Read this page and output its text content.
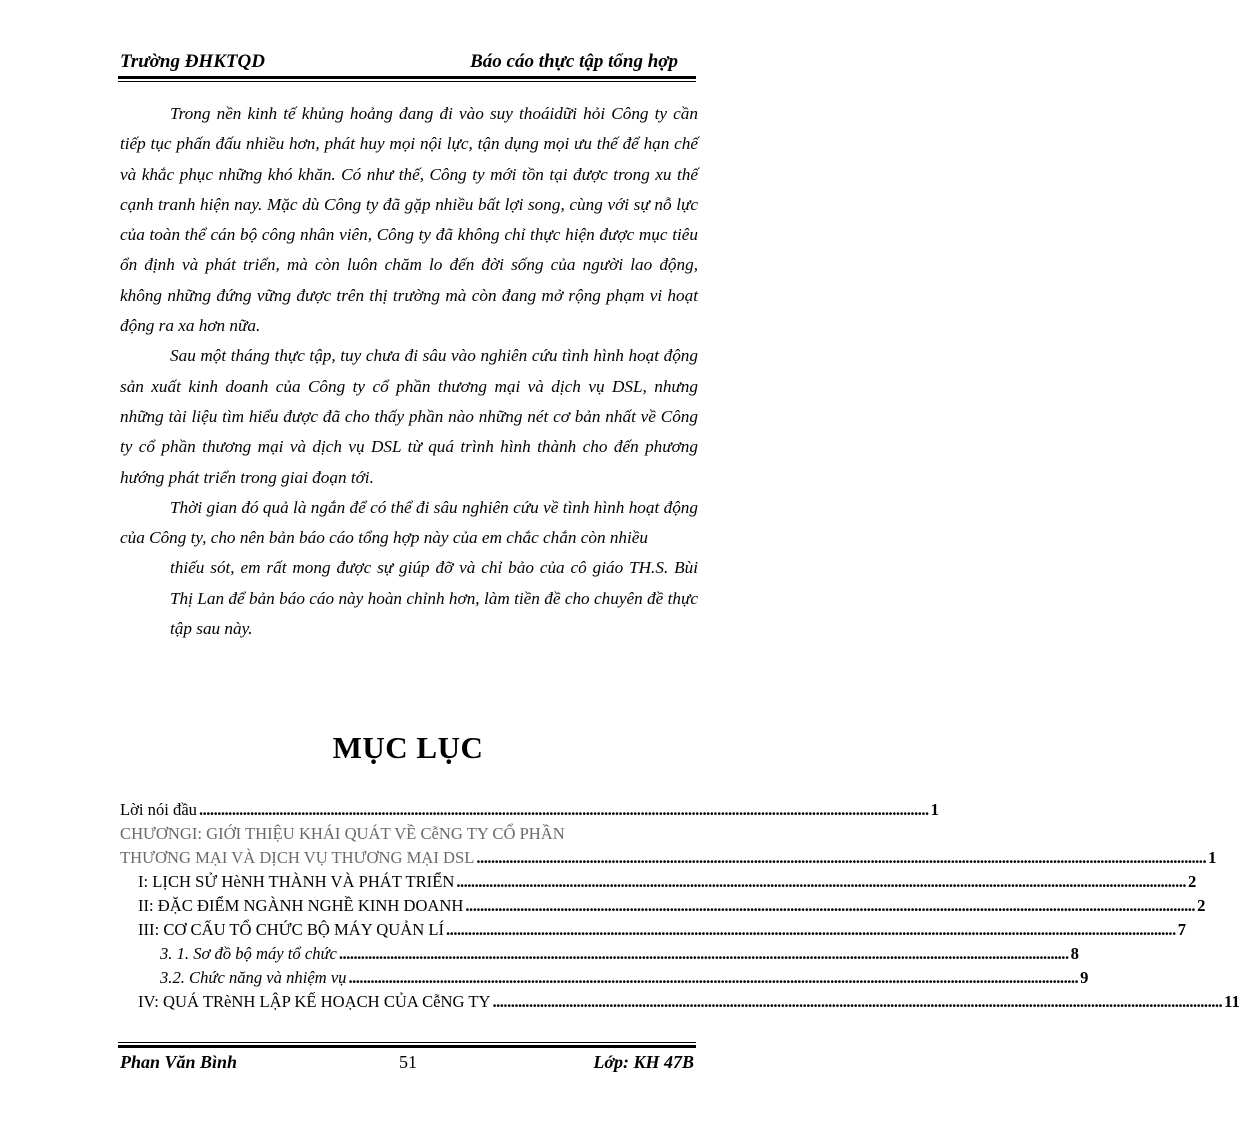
Trường ĐHKTQD	Báo cáo thực tập tổng hợp

Trong nền kinh tế khủng hoảng đang đi vào suy thoáidữi hỏi Công ty cần tiếp tục phấn đấu nhiều hơn, phát huy mọi nội lực, tận dụng mọi ưu thế để hạn chế và khắc phục những khó khăn. Có như thế, Công ty mới tồn tại được trong xu thế cạnh tranh hiện nay. Mặc dù Công ty đã gặp nhiều bất lợi song, cùng với sự nỗ lực của toàn thể cán bộ công nhân viên, Công ty đã không chỉ thực hiện được mục tiêu ổn định và phát triển, mà còn luôn chăm lo đến đời sống của người lao động, không những đứng vững được trên thị trường mà còn đang mở rộng phạm vi hoạt động ra xa hơn nữa.

Sau một tháng thực tập, tuy chưa đi sâu vào nghiên cứu tình hình hoạt động sản xuất kinh doanh của Công ty cổ phần thương mại và dịch vụ DSL, nhưng những tài liệu tìm hiểu được đã cho thấy phần nào những nét cơ bản nhất về Công ty cổ phần thương mại và dịch vụ DSL từ quá trình hình thành cho đến phương hướng phát triển trong giai đoạn tới.

Thời gian đó quả là ngắn để có thể đi sâu nghiên cứu về tình hình hoạt động của Công ty, cho nên bản báo cáo tổng hợp này của em chắc chắn còn nhiều
thiếu sót, em rất mong được sự giúp đỡ và chỉ bảo của cô giáo TH.S. Bùi Thị Lan để bản báo cáo này hoàn chỉnh hơn, làm tiền đề cho chuyên đề thực tập sau này.

MỤC LỤC
Lời nói đầu ........................................................................................................................................................................................................ 1
CHƯƠNGI: GIỚI THIỆU KHÁI QUÁT VỀ CễNG TY CỔ PHẦN
THƯƠNG MẠI VÀ DỊCH VỤ THƯƠNG MẠI DSL ........................................................................................................................................................................................................ 1
I: LỊCH SỬ HèNH THÀNH VÀ PHÁT TRIỂN ........................................................................................................................................................................................................ 2
II: ĐẶC ĐIỂM NGÀNH NGHỀ KINH DOANH ........................................................................................................................................................................................................ 2
III: CƠ CẤU TỔ CHỨC BỘ MÁY QUẢN LÍ ........................................................................................................................................................................................................ 7
3. 1. Sơ đồ bộ máy tổ chức ........................................................................................................................................................................................................ 8
3.2. Chức năng và nhiệm vụ ........................................................................................................................................................................................................ 9
IV: QUÁ TRèNH LẬP KẾ HOẠCH CỦA CễNG TY ........................................................................................................................................................................................................ 11
Phan Văn Bình	51	Lớp: KH 47B
